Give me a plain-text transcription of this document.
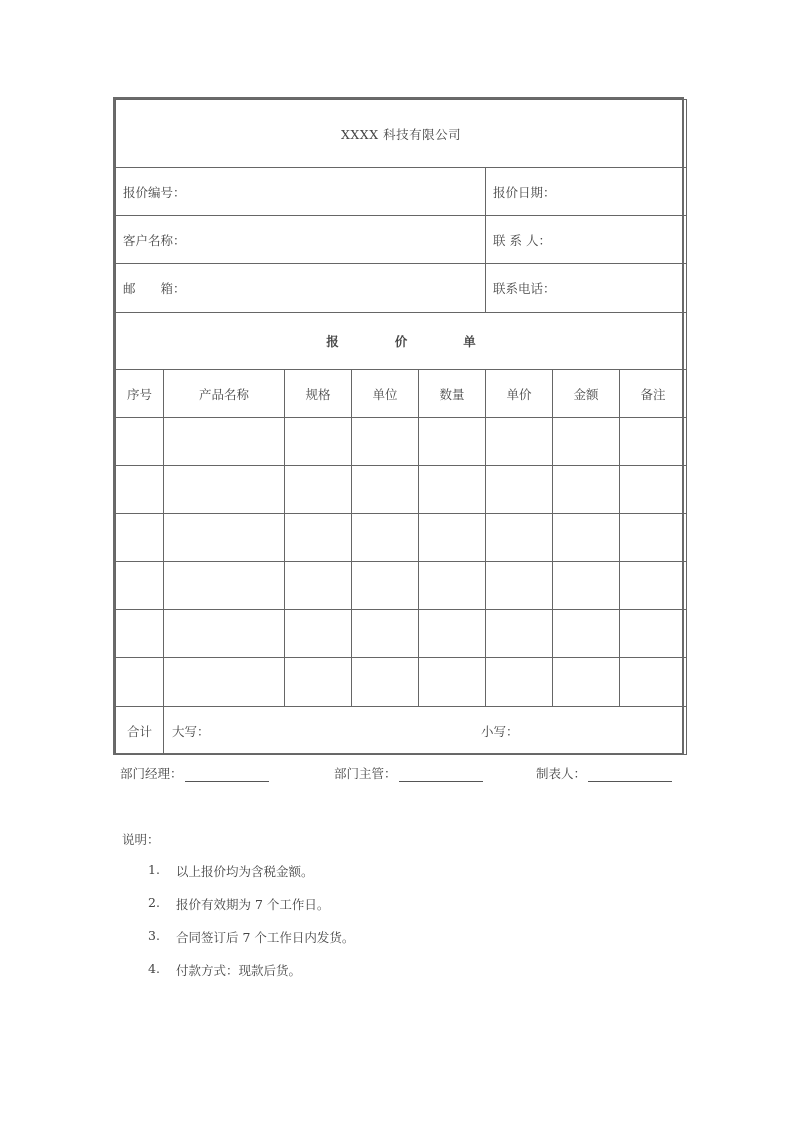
XXXX 科技有限公司							
报价编号：					报价日期：		
客户名称：					联 系 人：		
邮　　箱：					联系电话：		
报 价 单							
序号	产品名称	规格	单位	数量	单价	金额	备注

合计	大写： 小写：						
部门经理：	部门主管：	制表人：
说明：
1.	以上报价均为含税金额。
2.	报价有效期为 7 个工作日。
3.	合同签订后 7 个工作日内发货。
4.	付款方式：现款后货。
